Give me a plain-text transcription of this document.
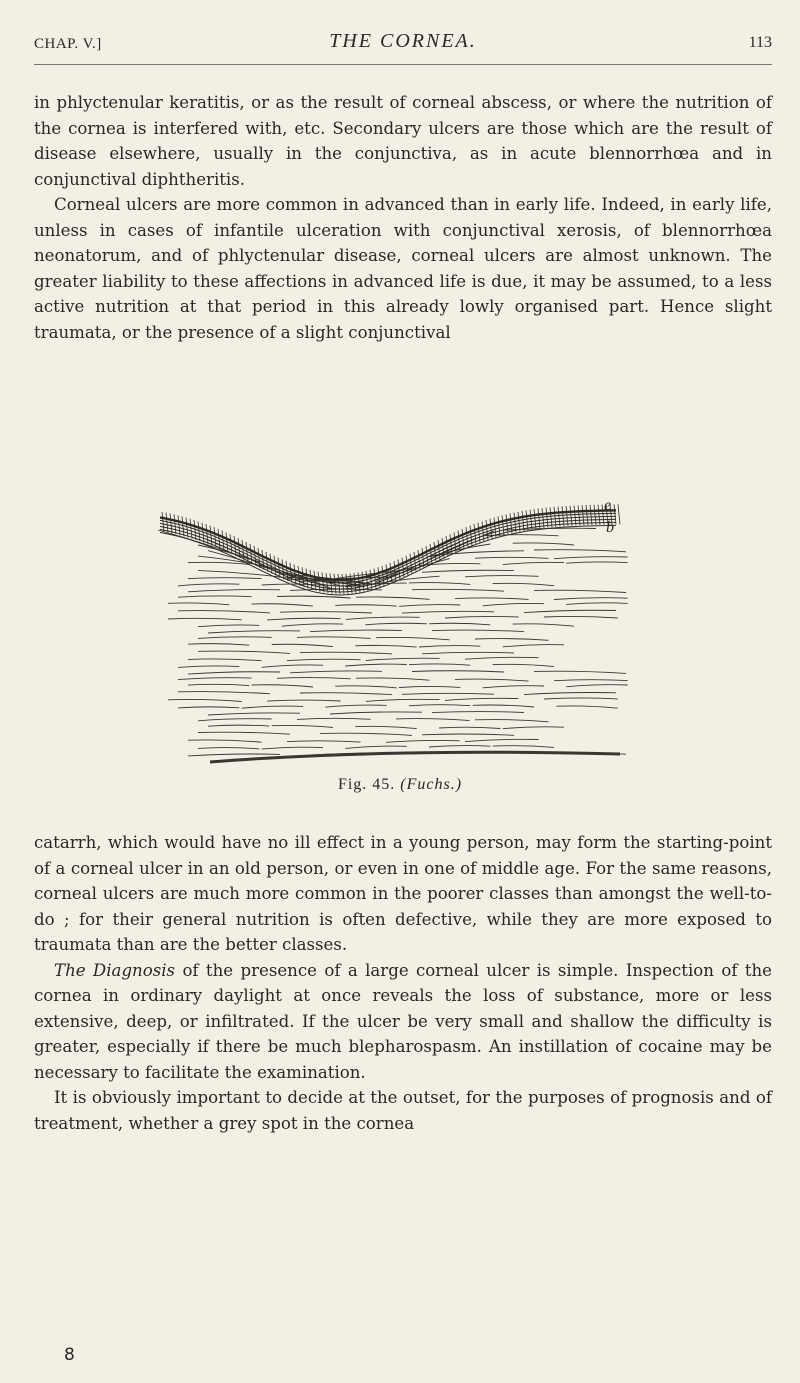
CHAP. V.]	THE CORNEA.	113

in phlyctenular keratitis, or as the result of corneal abscess, or where the nutrition of the cornea is interfered with, etc. Secondary ulcers are those which are the result of disease elsewhere, usually in the conjunctiva, as in acute blennorrhœa and in conjunctival diphtheritis.

Corneal ulcers are more common in advanced than in early life. Indeed, in early life, unless in cases of infantile ulceration with conjunctival xerosis, of blennorrhœa neonatorum, and of phlyctenular disease, corneal ulcers are almost unknown. The greater liability to these affections in advanced life is due, it may be assumed, to a less active nutrition at that period in this already lowly organised part. Hence slight traumata, or the presence of a slight conjunctival

e
b
Fig. 45. (Fuchs.)

catarrh, which would have no ill effect in a young person, may form the starting-point of a corneal ulcer in an old person, or even in one of middle age. For the same reasons, corneal ulcers are much more common in the poorer classes than amongst the well-to-do ; for their general nutrition is often defective, while they are more exposed to traumata than are the better classes.

The Diagnosis of the presence of a large corneal ulcer is simple. Inspection of the cornea in ordinary daylight at once reveals the loss of substance, more or less extensive, deep, or infiltrated. If the ulcer be very small and shallow the difficulty is greater, especially if there be much blepharospasm. An instillation of cocaine may be necessary to facilitate the examination.

It is obviously important to decide at the outset, for the purposes of prognosis and of treatment, whether a grey spot in the cornea

8
